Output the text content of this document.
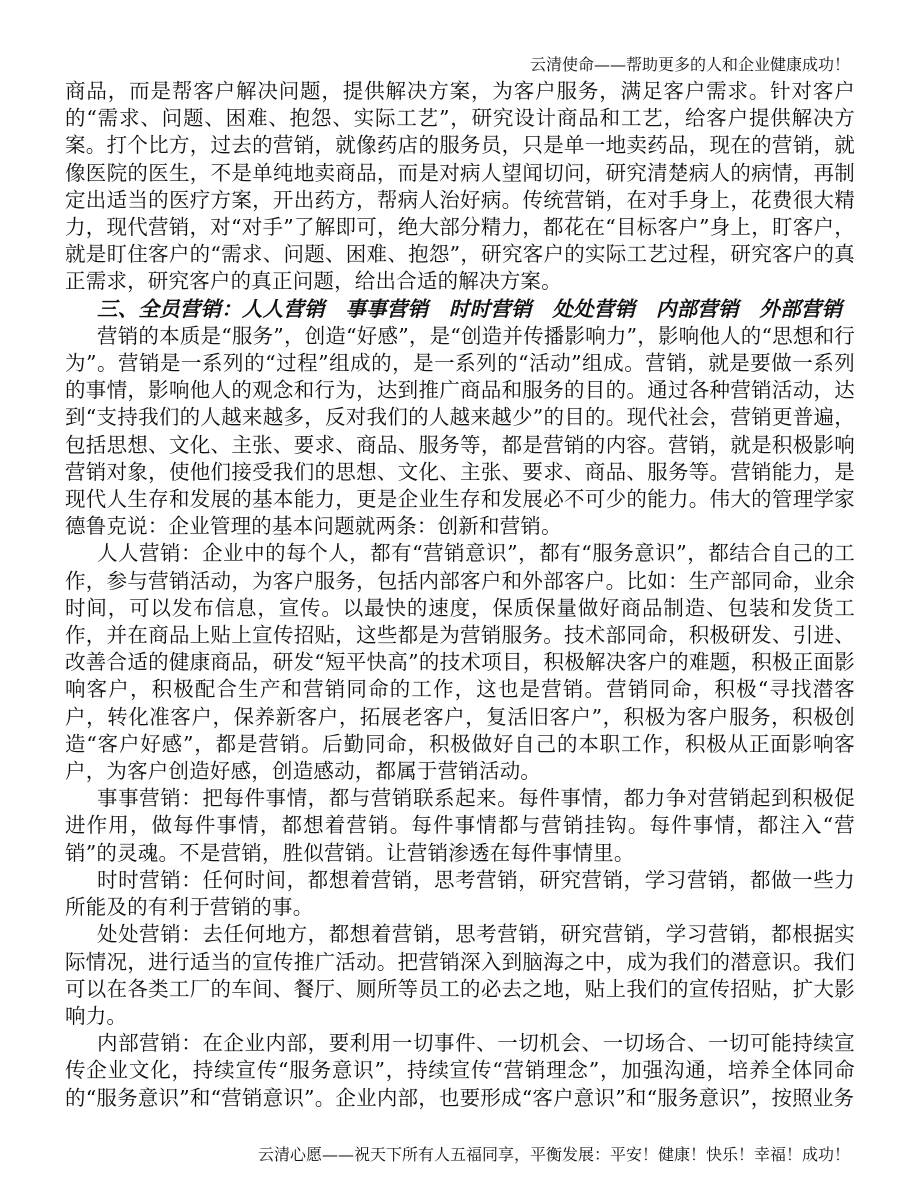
云清使命——帮助更多的人和企业健康成功！

商品，而是帮客户解决问题，提供解决方案，为客户服务，满足客户需求。针对客户的“需求、问题、困难、抱怨、实际工艺”，研究设计商品和工艺，给客户提供解决方案。打个比方，过去的营销，就像药店的服务员，只是单一地卖药品，现在的营销，就像医院的医生，不是单纯地卖商品，而是对病人望闻切问，研究清楚病人的病情，再制定出适当的医疗方案，开出药方，帮病人治好病。传统营销，在对手身上，花费很大精力，现代营销，对“对手”了解即可，绝大部分精力，都花在“目标客户”身上，盯客户，就是盯住客户的“需求、问题、困难、抱怨”，研究客户的实际工艺过程，研究客户的真正需求，研究客户的真正问题，给出合适的解决方案。

三、全员营销：人人营销　事事营销　时时营销　处处营销　内部营销　外部营销

营销的本质是“服务”，创造“好感”，是“创造并传播影响力”，影响他人的“思想和行为”。营销是一系列的“过程”组成的，是一系列的“活动”组成。营销，就是要做一系列的事情，影响他人的观念和行为，达到推广商品和服务的目的。通过各种营销活动，达到“支持我们的人越来越多，反对我们的人越来越少”的目的。现代社会，营销更普遍，包括思想、文化、主张、要求、商品、服务等，都是营销的内容。营销，就是积极影响营销对象，使他们接受我们的思想、文化、主张、要求、商品、服务等。营销能力，是现代人生存和发展的基本能力，更是企业生存和发展必不可少的能力。伟大的管理学家德鲁克说：企业管理的基本问题就两条：创新和营销。

人人营销：企业中的每个人，都有“营销意识”，都有“服务意识”，都结合自己的工作，参与营销活动，为客户服务，包括内部客户和外部客户。比如：生产部同命，业余时间，可以发布信息，宣传。以最快的速度，保质保量做好商品制造、包装和发货工作，并在商品上贴上宣传招贴，这些都是为营销服务。技术部同命，积极研发、引进、改善合适的健康商品，研发“短平快高”的技术项目，积极解决客户的难题，积极正面影响客户，积极配合生产和营销同命的工作，这也是营销。营销同命，积极“寻找潜客户，转化准客户，保养新客户，拓展老客户，复活旧客户”，积极为客户服务，积极创造“客户好感”，都是营销。后勤同命，积极做好自己的本职工作，积极从正面影响客户，为客户创造好感，创造感动，都属于营销活动。

事事营销：把每件事情，都与营销联系起来。每件事情，都力争对营销起到积极促进作用，做每件事情，都想着营销。每件事情都与营销挂钩。每件事情，都注入“营销”的灵魂。不是营销，胜似营销。让营销渗透在每件事情里。

时时营销：任何时间，都想着营销，思考营销，研究营销，学习营销，都做一些力所能及的有利于营销的事。

处处营销：去任何地方，都想着营销，思考营销，研究营销，学习营销，都根据实际情况，进行适当的宣传推广活动。把营销深入到脑海之中，成为我们的潜意识。我们可以在各类工厂的车间、餐厅、厕所等员工的必去之地，贴上我们的宣传招贴，扩大影响力。

内部营销：在企业内部，要利用一切事件、一切机会、一切场合、一切可能持续宣传企业文化，持续宣传“服务意识”，持续宣传“营销理念”，加强沟通，培养全体同命的“服务意识”和“营销意识”。企业内部，也要形成“客户意识”和“服务意识”，按照业务

云清心愿——祝天下所有人五福同享，平衡发展：平安！健康！快乐！幸福！成功！
